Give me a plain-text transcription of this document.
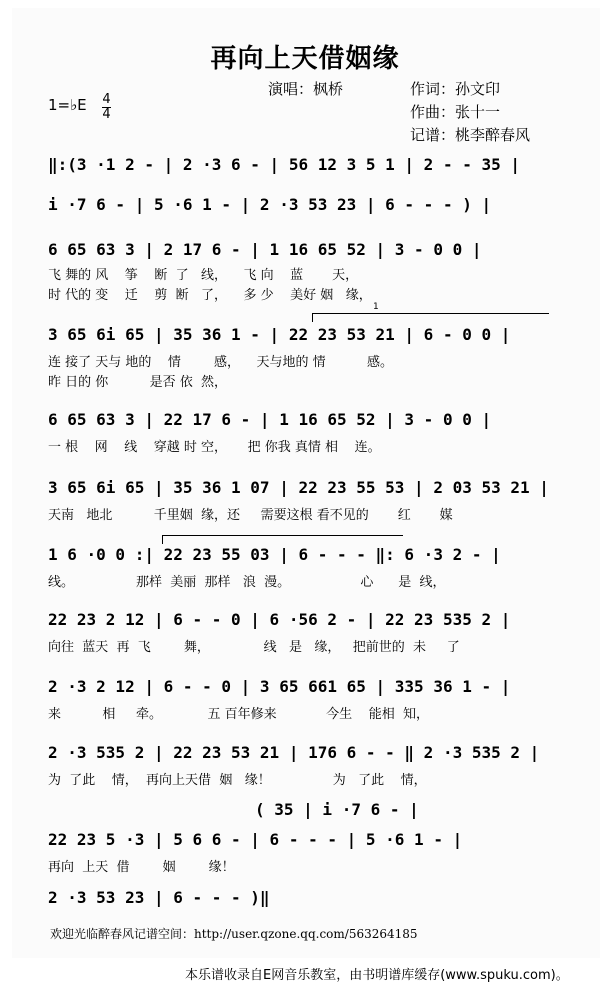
再向上天借姻缘
演唱：枫桥	作词：孙文印
作曲：张十一
记谱：桃李醉春风
1=♭E 4
4
‖:(3 ·1 2 - | 2 ·3 6 - | 56 12 3 5 1 | 2 - - 35 |
i ·7 6 - | 5 ·6 1 - | 2 ·3 53 23 | 6 - - - ) |
6 65 63 3 | 2 17 6 - | 1 16 65 52 | 3 - 0 0 |
飞 舞的 风    筝    断  了   线，    飞 向    蓝       天，
时 代的 变    迁    剪  断   了，    多 少    美好 姻   缘，
1
3 65 6i 65 | 35 36 1 - | 22 23 53 21 | 6 - 0 0 |
连 接了 天与 地的    情        感，    天与地的 情          感。
昨 日的 你          是否 依  然，
6 65 63 3 | 22 17 6 - | 1 16 65 52 | 3 - 0 0 |
一 根    网    线    穿越 时 空，     把 你我 真情 相    连。
3 65 6i 65 | 35 36 1 07 | 22 23 55 53 | 2 03 53 21 |
天南   地北          千里姻  缘，还     需要这根 看不见的       红       媒
1 6 ·0 0 :| 22 23 55 03 | 6 - - - ‖: 6 ·3 2 - |
线。               那样  美丽  那样   浪  漫。                 心      是  线，
22 23 2 12 | 6 - - 0 | 6 ·56 2 - | 22 23 535 2 |
向往  蓝天  再  飞        舞，             线   是   缘，   把前世的  未     了
2 ·3 2 12 | 6 - - 0 | 3 65 661 65 | 335 36 1 - |
来          相     牵。           五 百年修来            今生    能相  知，
2 ·3 535 2 | 22 23 53 21 | 176 6 - - ‖ 2 ·3 535 2 |
为  了此    情，  再向上天借  姻   缘！               为   了此    情，
( 35 | i ·7 6 - |
22 23 5 ·3 | 5 6 6 - | 6 - - - | 5 ·6 1 - |
再向  上天  借        姻        缘！
2 ·3 53 23 | 6 - - - )‖
欢迎光临醉春风记谱空间：http://user.qzone.qq.com/563264185
本乐谱收录自E网音乐教室，由书明谱库缓存(www.spuku.com)。
